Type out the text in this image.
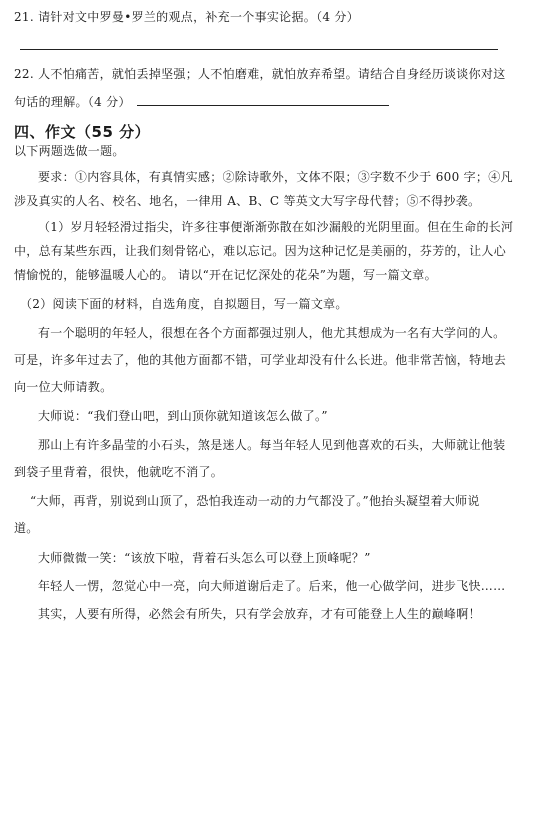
21. 请针对文中罗曼•罗兰的观点，补充一个事实论据。（4 分）
22. 人不怕痛苦，就怕丢掉坚强；人不怕磨难，就怕放弃希望。请结合自身经历谈谈你对这
句话的理解。（4 分）
四、作文（55 分）
以下两题选做一题。
要求：①内容具体，有真情实感；②除诗歌外，文体不限；③字数不少于 600 字；④凡
涉及真实的人名、校名、地名，一律用 A、B、C 等英文大写字母代替；⑤不得抄袭。
（1）岁月轻轻滑过指尖，许多往事便渐渐弥散在如沙漏般的光阴里面。但在生命的长河
中，总有某些东西，让我们刻骨铭心，难以忘记。因为这种记忆是美丽的，芬芳的，让人心
情愉悦的，能够温暖人心的。 请以“开在记忆深处的花朵”为题，写一篇文章。
（2）阅读下面的材料，自选角度，自拟题目，写一篇文章。
有一个聪明的年轻人，很想在各个方面都强过别人，他尤其想成为一名有大学问的人。
可是，许多年过去了，他的其他方面都不错，可学业却没有什么长进。他非常苦恼，特地去
向一位大师请教。
大师说：“我们登山吧，到山顶你就知道该怎么做了。”
那山上有许多晶莹的小石头，煞是迷人。每当年轻人见到他喜欢的石头，大师就让他装
到袋子里背着，很快，他就吃不消了。
“大师，再背，别说到山顶了，恐怕我连动一动的力气都没了。”他抬头凝望着大师说
道。
大师微微一笑：“该放下啦，背着石头怎么可以登上顶峰呢？”
年轻人一愣，忽觉心中一亮，向大师道谢后走了。后来，他一心做学问，进步飞快……
其实，人要有所得，必然会有所失，只有学会放弃，才有可能登上人生的巅峰啊！
